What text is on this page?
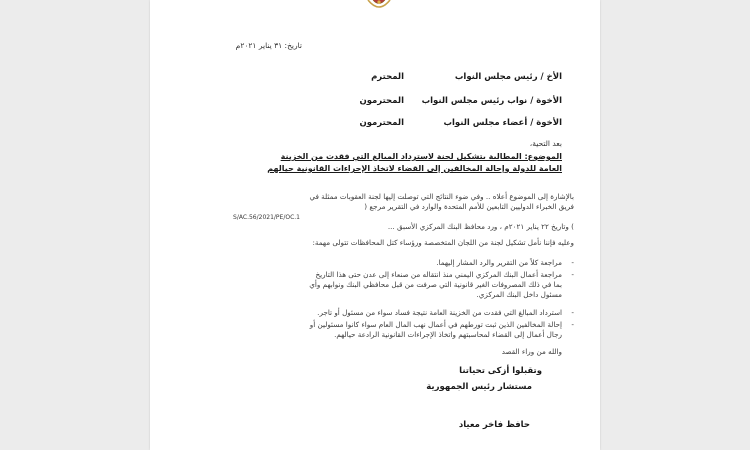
تاريخ: ٣١ يناير ٢٠٢١م
الأخ / رئيس مجلس النواب
المحترم
الأخوة / نواب رئيس مجلس النواب
المحترمون
الأخوة / أعضاء مجلس النواب
المحترمون
بعد التحية،
الموضوع: المطالبة بتشكيل لجنة لاسترداد المبالغ التي فقدت من الخزينة
العامة للدولة وإحالة المخالفين إلى القضاء لاتخاذ الإجراءات القانونية حيالهم
بالإشارة إلى الموضوع أعلاه .. وفي ضوء النتائج التي توصلت إليها لجنة العقوبات ممثلة في
فريق الخبراء الدوليين التابعين للأمم المتحدة والوارد في التقرير مرجع (
S/AC.56/2021/PE/OC.1
) وتاريخ ٢٢ يناير ٢٠٢١م ، ورد محافظ البنك المركزي الأسبق ...
وعليه فإننا نأمل تشكيل لجنة من اللجان المتخصصة ورؤساء كتل المحافظات تتولى مهمة:
-
مراجعة كلاً من التقرير والرد المشار إليهما.
-
مراجعة أعمال البنك المركزي اليمني منذ انتقاله من صنعاء إلى عدن حتى هذا التاريخ
بما في ذلك المصروفات الغير قانونية التي صرفت من قبل محافظي البنك ونوابهم وأي
مسئول داخل البنك المركزي.
-
استرداد المبالغ التي فقدت من الخزينة العامة نتيجة فساد سواء من مسئول أو تاجر.
-
إحالة المخالفين الذين ثبت تورطهم في أعمال نهب المال العام سواء كانوا مسئولين أو
رجال أعمال إلى القضاء لمحاسبتهم واتخاذ الإجراءات القانونية الرادعة حيالهم.
والله من وراء القصد
وتقبلوا أزكى تحياتنا
مستشار رئيس الجمهورية
حافظ فاخر معياد
